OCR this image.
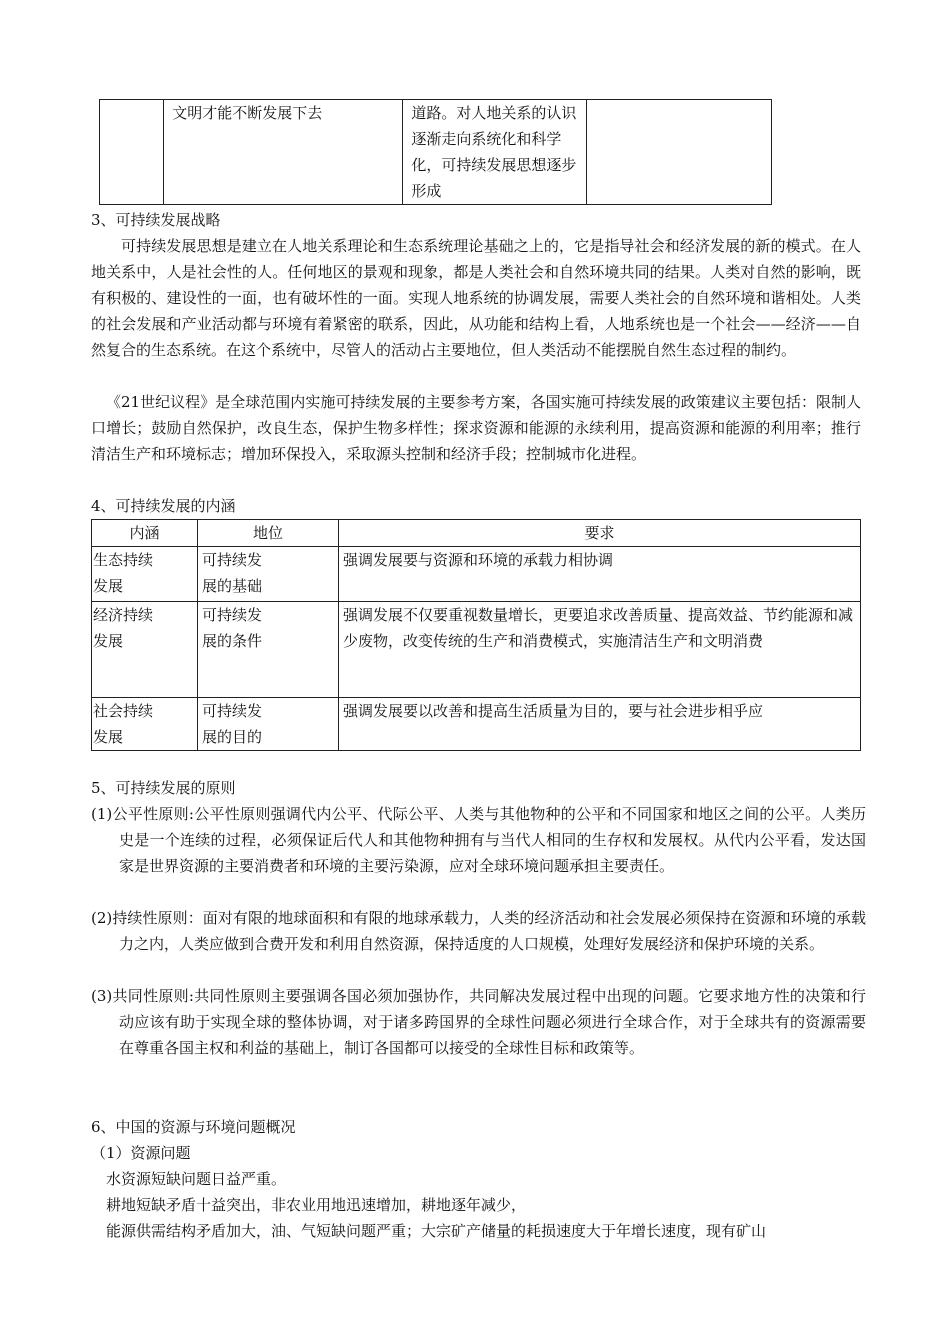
	文明才能不断发展下去	道路。对人地关系的认识逐渐走向系统化和科学化，可持续发展思想逐步形成	
3、可持续发展战略
可持续发展思想是建立在人地关系理论和生态系统理论基础之上的，它是指导社会和经济发展的新的模式。在人地关系中，人是社会性的人。任何地区的景观和现象，都是人类社会和自然环境共同的结果。人类对自然的影响，既有积极的、建设性的一面，也有破坏性的一面。实现人地系统的协调发展，需要人类社会的自然环境和谐相处。人类的社会发展和产业活动都与环境有着紧密的联系，因此，从功能和结构上看，人地系统也是一个社会——经济——自然复合的生态系统。在这个系统中，尽管人的活动占主要地位，但人类活动不能摆脱自然生态过程的制约。
《21世纪议程》是全球范围内实施可持续发展的主要参考方案，各国实施可持续发展的政策建议主要包括：限制人口增长；鼓励自然保护，改良生态，保护生物多样性；探求资源和能源的永续利用，提高资源和能源的利用率；推行清洁生产和环境标志；增加环保投入，采取源头控制和经济手段；控制城市化进程。
4、可持续发展的内涵
内涵	地位	要求

生态持续发展	可持续发展的基础	强调发展要与资源和环境的承载力相协调

经济持续发展	可持续发展的条件	强调发展不仅要重视数量增长，更要追求改善质量、提高效益、节约能源和减少废物，改变传统的生产和消费模式，实施清洁生产和文明消费

社会持续发展	可持续发展的目的	强调发展要以改善和提高生活质量为目的，要与社会进步相乎应
5、可持续发展的原则
(1)公平性原则:公平性原则强调代内公平、代际公平、人类与其他物种的公平和不同国家和地区之间的公平。人类历史是一个连续的过程，必须保证后代人和其他物种拥有与当代人相同的生存权和发展权。从代内公平看，发达国家是世界资源的主要消费者和环境的主要污染源，应对全球环境问题承担主要责任。
(2)持续性原则：面对有限的地球面积和有限的地球承载力，人类的经济活动和社会发展必须保持在资源和环境的承载力之内，人类应做到合费开发和利用自然资源，保持适度的人口规模，处理好发展经济和保护环境的关系。
(3)共同性原则:共同性原则主要强调各国必须加强协作，共同解决发展过程中出现的问题。它要求地方性的决策和行动应该有助于实现全球的整体协调，对于诸多跨国界的全球性问题必须进行全球合作，对于全球共有的资源需要在尊重各国主权和利益的基础上，制订各国都可以接受的全球性目标和政策等。
6、中国的资源与环境问题概况
（1）资源问题
水资源短缺问题日益严重。
耕地短缺矛盾十益突出，非农业用地迅速增加，耕地逐年减少，
能源供需结构矛盾加大，油、气短缺问题严重；大宗矿产储量的耗损速度大于年增长速度，现有矿山
